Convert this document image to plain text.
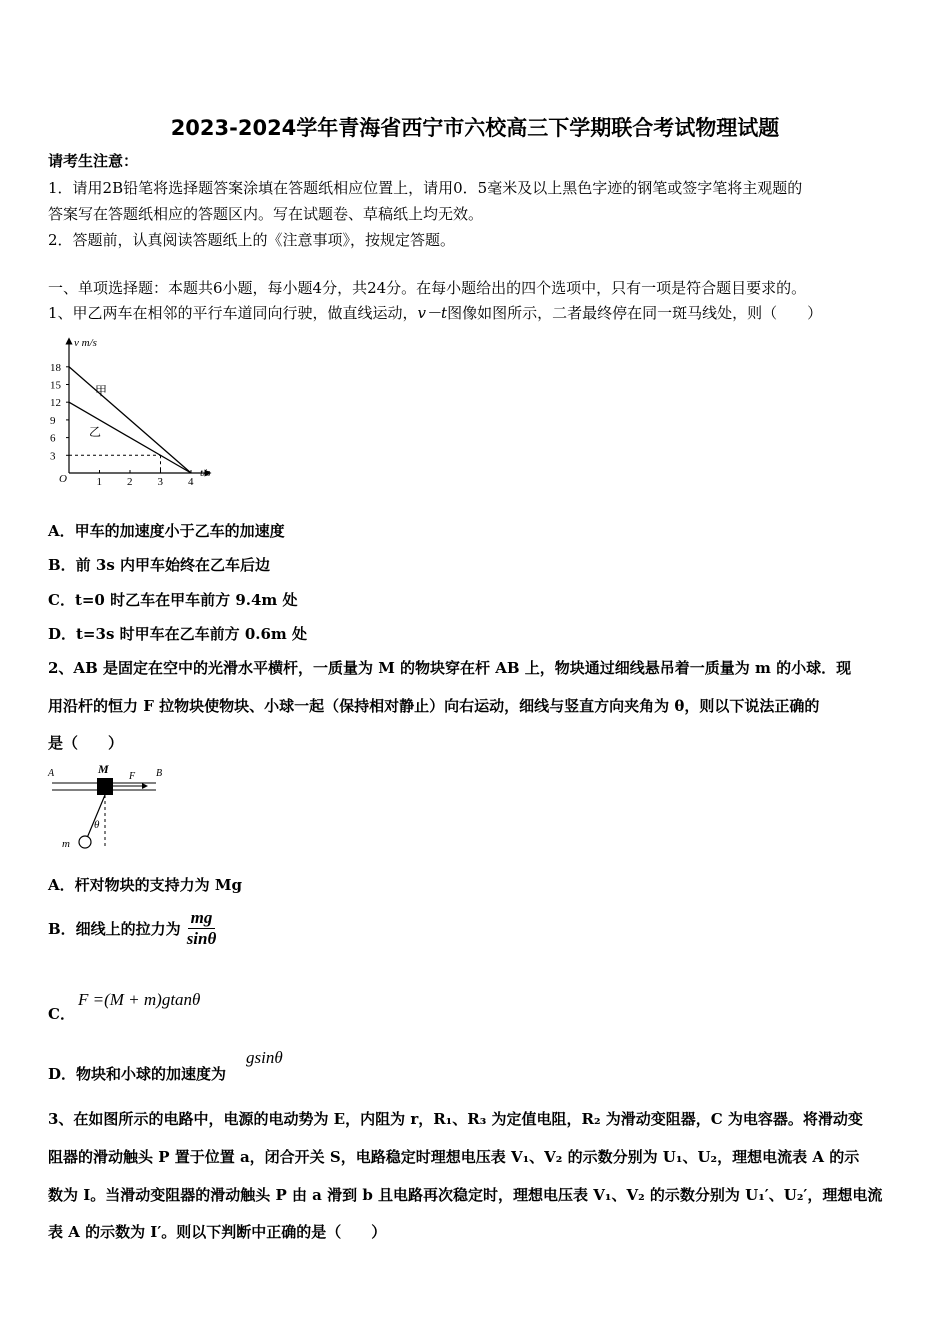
2023-2024学年青海省西宁市六校高三下学期联合考试物理试题
请考生注意：
1．请用2B铅笔将选择题答案涂填在答题纸相应位置上，请用0．5毫米及以上黑色字迹的钢笔或签字笔将主观题的
答案写在答题纸相应的答题区内。写在试题卷、草稿纸上均无效。
2．答题前，认真阅读答题纸上的《注意事项》，按规定答题。
一、单项选择题：本题共6小题，每小题4分，共24分。在每小题给出的四个选项中，只有一项是符合题目要求的。
1、甲乙两车在相邻的平行车道同向行驶，做直线运动，v－t图像如图所示，二者最终停在同一斑马线处，则（　　）
v m/s
t/s
O
18
15
12
9
6
3
1 2 3 4
甲
乙
A．甲车的加速度小于乙车的加速度
B．前 3s 内甲车始终在乙车后边
C．t=0 时乙车在甲车前方 9.4m 处
D．t=3s 时甲车在乙车前方 0.6m 处
2、AB 是固定在空中的光滑水平横杆，一质量为 M 的物块穿在杆 AB 上，物块通过细线悬吊着一质量为 m 的小球．现
用沿杆的恒力 F 拉物块使物块、小球一起（保持相对静止）向右运动，细线与竖直方向夹角为 θ，则以下说法正确的
是（　　）
A	B
M
F
θ
m
A．杆对物块的支持力为 Mg
B．细线上的拉力为 $\frac{mg}{\sin\theta}$
C．
F =(M + m)gtanθ
D．物块和小球的加速度为
gsinθ
3、在如图所示的电路中，电源的电动势为 E，内阻为 r，R₁、R₃ 为定值电阻，R₂ 为滑动变阻器，C 为电容器。将滑动变
阻器的滑动触头 P 置于位置 a，闭合开关 S，电路稳定时理想电压表 V₁、V₂ 的示数分别为 U₁、U₂，理想电流表 A 的示
数为 I。当滑动变阻器的滑动触头 P 由 a 滑到 b 且电路再次稳定时，理想电压表 V₁、V₂ 的示数分别为 U₁′、U₂′，理想电流
表 A 的示数为 I′。则以下判断中正确的是（　　）
